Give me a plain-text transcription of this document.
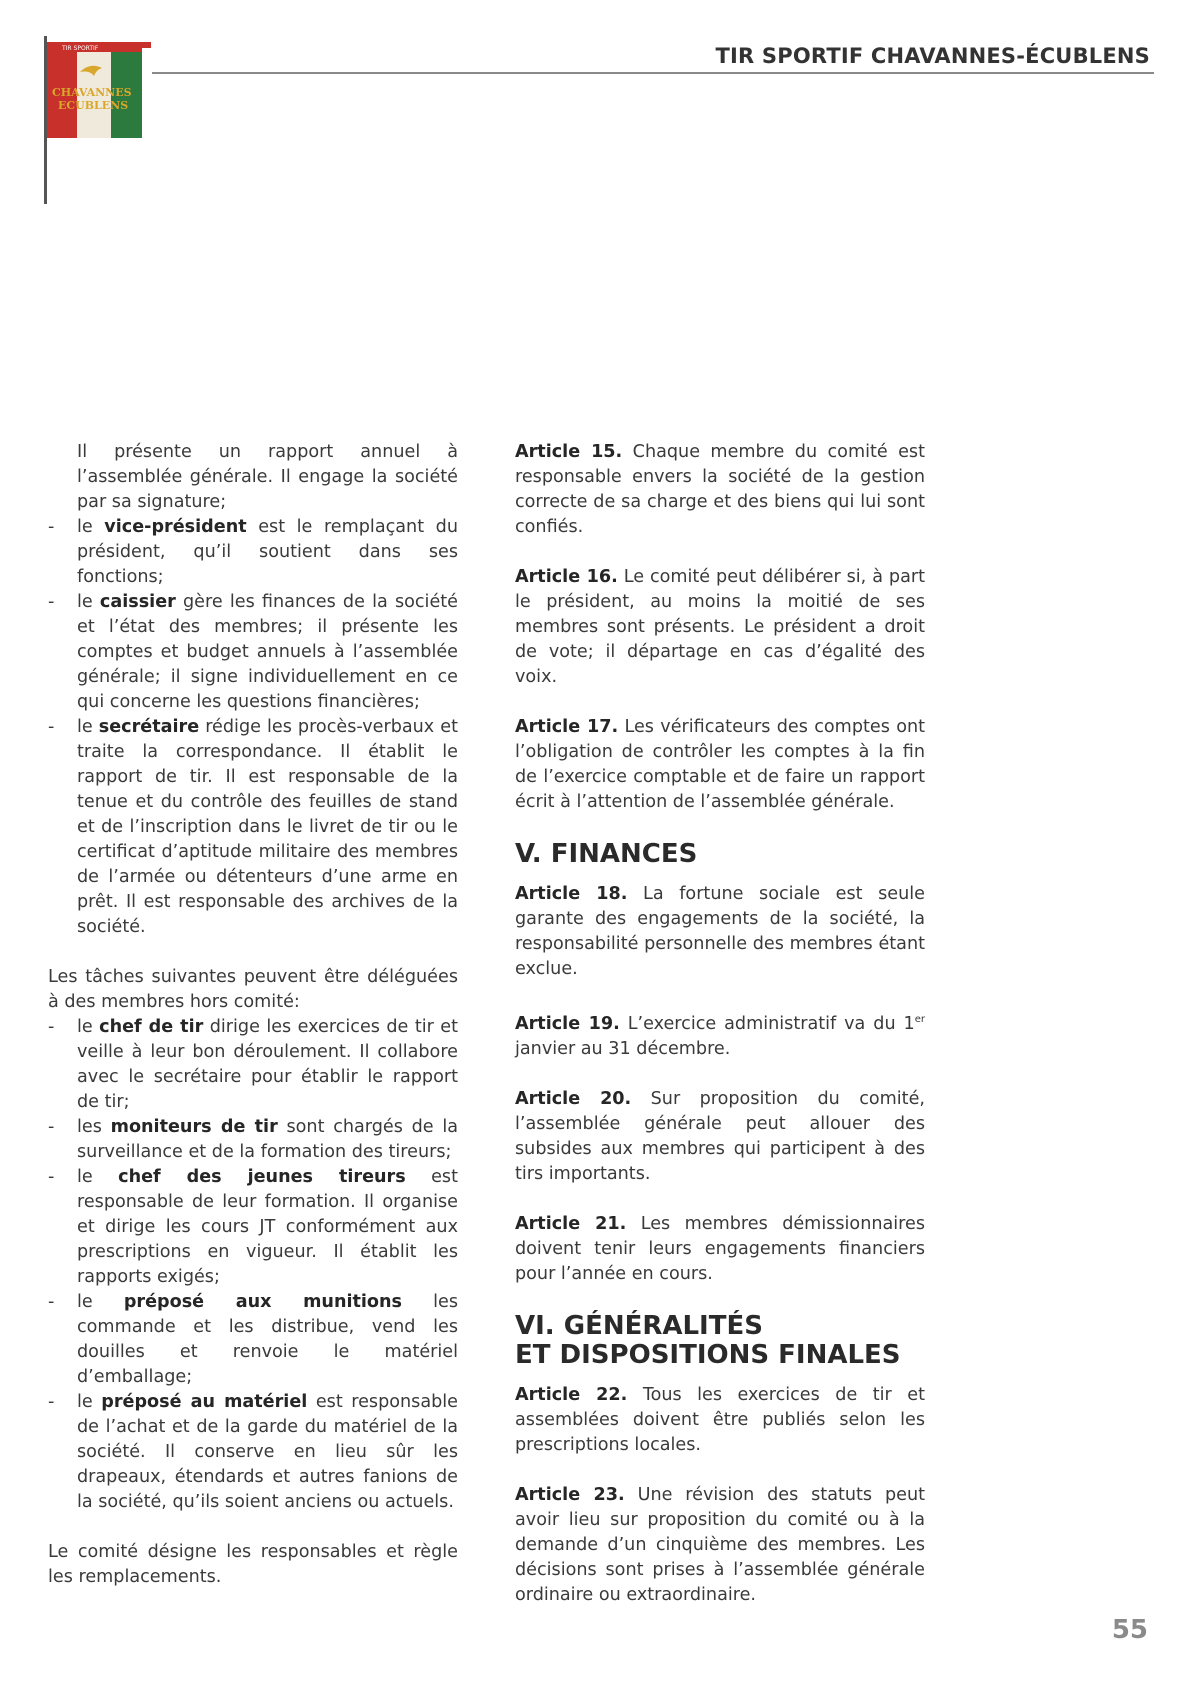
TIR SPORTIF
CHAVANNES
ECUBLENS
TIR SPORTIF CHAVANNES-ÉCUBLENS

Il présente un rapport annuel à l’assemblée générale. Il engage la société par sa signature;

- le vice-président est le remplaçant du président, qu’il soutient dans ses fonctions;

- le caissier gère les finances de la société et l’état des membres; il présente les comptes et budget annuels à l’assemblée générale; il signe individuellement en ce qui concerne les questions financières;

- le secrétaire rédige les procès-verbaux et traite la correspondance. Il établit le rapport de tir. Il est responsable de la tenue et du contrôle des feuilles de stand et de l’inscription dans le livret de tir ou le certificat d’aptitude militaire des membres de l’armée ou détenteurs d’une arme en prêt. Il est responsable des archives de la société.

Les tâches suivantes peuvent être déléguées à des membres hors comité:

- le chef de tir dirige les exercices de tir et veille à leur bon déroulement. Il collabore avec le secrétaire pour établir le rapport de tir;

- les moniteurs de tir sont chargés de la surveillance et de la formation des tireurs;

- le chef des jeunes tireurs est responsable de leur formation. Il organise et dirige les cours JT conformément aux prescriptions en vigueur. Il établit les rapports exigés;

- le préposé aux munitions les commande et les distribue, vend les douilles et renvoie le matériel d’emballage;

- le préposé au matériel est responsable de l’achat et de la garde du matériel de la société. Il conserve en lieu sûr les drapeaux, étendards et autres fanions de la société, qu’ils soient anciens ou actuels.

Le comité désigne les responsables et règle les remplacements.

Article 15. Chaque membre du comité est responsable envers la société de la gestion correcte de sa charge et des biens qui lui sont confiés.

Article 16. Le comité peut délibérer si, à part le président, au moins la moitié de ses membres sont présents. Le président a droit de vote; il départage en cas d’égalité des voix.

Article 17. Les vérificateurs des comptes ont l’obligation de contrôler les comptes à la fin de l’exercice comptable et de faire un rapport écrit à l’attention de l’assemblée générale.

V. FINANCES

Article 18. La fortune sociale est seule garante des engagements de la société, la responsabilité personnelle des membres étant exclue.

Article 19. L’exercice administratif va du 1er janvier au 31 décembre.

Article 20. Sur proposition du comité, l’assemblée générale peut allouer des subsides aux membres qui participent à des tirs importants.

Article 21. Les membres démissionnaires doivent tenir leurs engagements financiers pour l’année en cours.

VI. GÉNÉRALITÉS
ET DISPOSITIONS FINALES

Article 22. Tous les exercices de tir et assemblées doivent être publiés selon les prescriptions locales.

Article 23. Une révision des statuts peut avoir lieu sur proposition du comité ou à la demande d’un cinquième des membres. Les décisions sont prises à l’assemblée générale ordinaire ou extraordinaire.

55
